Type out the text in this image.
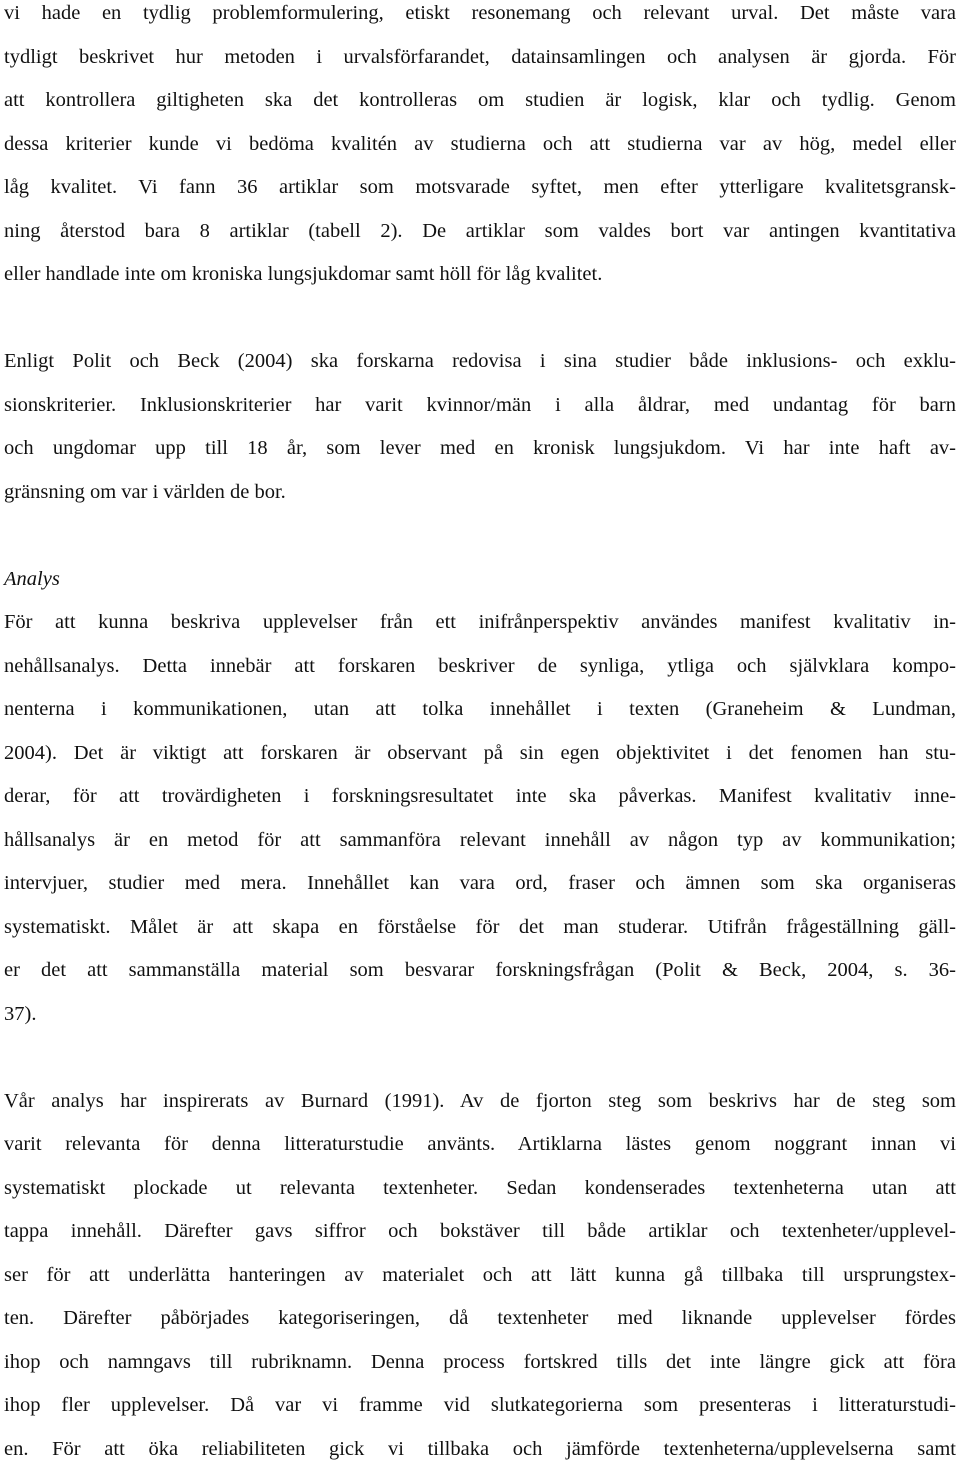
vi hade en tydlig problemformulering, etiskt resonemang och relevant urval. Det måste vara
tydligt beskrivet hur metoden i urvalsförfarandet, datainsamlingen och analysen är gjorda. För
att kontrollera giltigheten ska det kontrolleras om studien är logisk, klar och tydlig. Genom
dessa kriterier kunde vi bedöma kvalitén av studierna och att studierna var av hög, medel eller
låg kvalitet. Vi fann 36 artiklar som motsvarade syftet, men efter ytterligare kvalitetsgransk-
ning återstod bara 8 artiklar (tabell 2). De artiklar som valdes bort var antingen kvantitativa
eller handlade inte om kroniska lungsjukdomar samt höll för låg kvalitet.
Enligt Polit och Beck (2004) ska forskarna redovisa i sina studier både inklusions- och exklu-
sionskriterier. Inklusionskriterier har varit kvinnor/män i alla åldrar, med undantag för barn
och ungdomar upp till 18 år, som lever med en kronisk lungsjukdom. Vi har inte haft av-
gränsning om var i världen de bor.
Analys
För att kunna beskriva upplevelser från ett inifrånperspektiv användes manifest kvalitativ in-
nehållsanalys. Detta innebär att forskaren beskriver de synliga, ytliga och självklara kompo-
nenterna i kommunikationen, utan att tolka innehållet i texten (Graneheim & Lundman,
2004). Det är viktigt att forskaren är observant på sin egen objektivitet i det fenomen han stu-
derar, för att trovärdigheten i forskningsresultatet inte ska påverkas. Manifest kvalitativ inne-
hållsanalys är en metod för att sammanföra relevant innehåll av någon typ av kommunikation;
intervjuer, studier med mera. Innehållet kan vara ord, fraser och ämnen som ska organiseras
systematiskt. Målet är att skapa en förståelse för det man studerar. Utifrån frågeställning gäll-
er det att sammanställa material som besvarar forskningsfrågan (Polit & Beck, 2004, s. 36-
37).
Vår analys har inspirerats av Burnard (1991). Av de fjorton steg som beskrivs har de steg som
varit relevanta för denna litteraturstudie använts. Artiklarna lästes genom noggrant innan vi
systematiskt plockade ut relevanta textenheter. Sedan kondenserades textenheterna utan att
tappa innehåll. Därefter gavs siffror och bokstäver till både artiklar och textenheter/upplevel-
ser för att underlätta hanteringen av materialet och att lätt kunna gå tillbaka till ursprungstex-
ten. Därefter påbörjades kategoriseringen, då textenheter med liknande upplevelser fördes
ihop och namngavs till rubriknamn. Denna process fortskred tills det inte längre gick att föra
ihop fler upplevelser. Då var vi framme vid slutkategorierna som presenteras i litteraturstudi-
en. För att öka reliabiliteten gick vi tillbaka och jämförde textenheterna/upplevelserna samt
